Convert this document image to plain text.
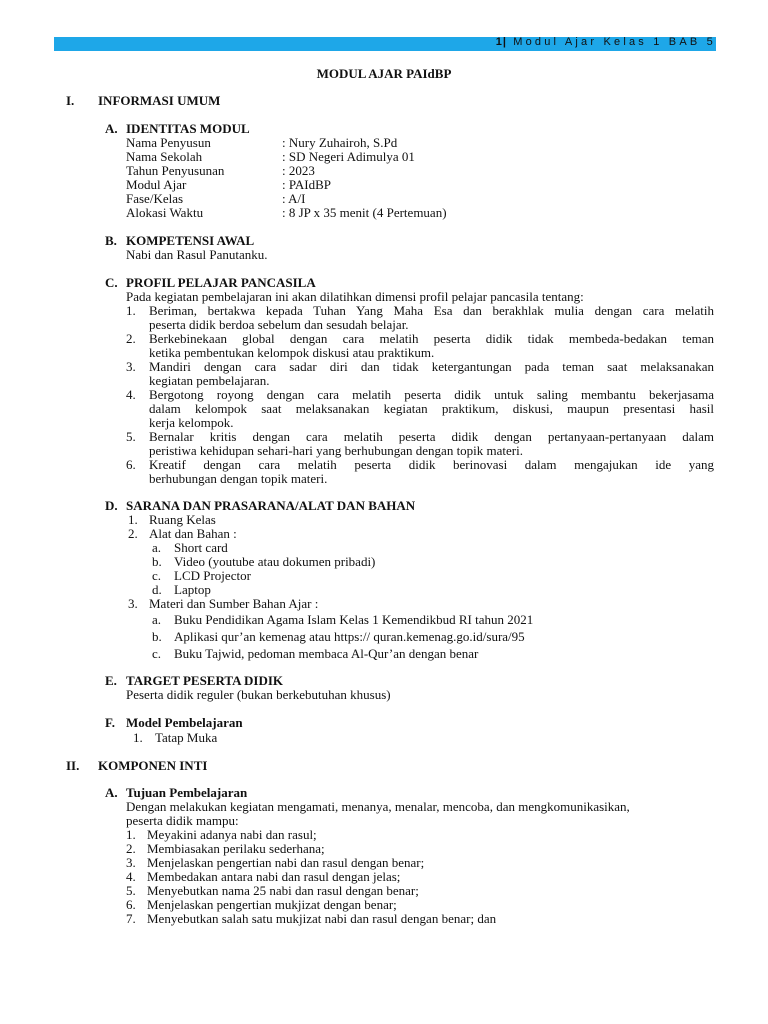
1| Modul Ajar Kelas 1 BAB 5
MODUL AJAR PAIdBP
I. INFORMASI UMUM
A. IDENTITAS MODUL
Nama Penyusun	: Nury Zuhairoh, S.Pd
Nama Sekolah	: SD Negeri Adimulya 01
Tahun Penyusunan	: 2023
Modul Ajar	: PAIdBP
Fase/Kelas	: A/I
Alokasi Waktu	: 8 JP x 35 menit (4 Pertemuan)
B. KOMPETENSI AWAL
Nabi dan Rasul Panutanku.
C. PROFIL PELAJAR PANCASILA
Pada kegiatan pembelajaran ini akan dilatihkan dimensi profil pelajar pancasila tentang:
1. Beriman, bertakwa kepada Tuhan Yang Maha Esa dan berakhlak mulia dengan cara melatih
peserta didik berdoa sebelum dan sesudah belajar.
2. Berkebinekaan global dengan cara melatih peserta didik tidak membeda-bedakan teman
ketika pembentukan kelompok diskusi atau praktikum.
3. Mandiri dengan cara sadar diri dan tidak ketergantungan pada teman saat melaksanakan
kegiatan pembelajaran.
4. Bergotong royong dengan cara melatih peserta didik untuk saling membantu bekerjasama
dalam kelompok saat melaksanakan kegiatan praktikum, diskusi, maupun presentasi hasil
kerja kelompok.
5. Bernalar kritis dengan cara melatih peserta didik dengan pertanyaan-pertanyaan dalam
peristiwa kehidupan sehari-hari yang berhubungan dengan topik materi.
6. Kreatif dengan cara melatih peserta didik berinovasi dalam mengajukan ide yang
berhubungan dengan topik materi.
D. SARANA DAN PRASARANA/ALAT DAN BAHAN
1. Ruang Kelas
2. Alat dan Bahan :
a. Short card
b. Video (youtube atau dokumen pribadi)
c. LCD Projector
d. Laptop
3. Materi dan Sumber Bahan Ajar :
a. Buku Pendidikan Agama Islam Kelas 1 Kemendikbud RI tahun 2021
b. Aplikasi qur’an kemenag atau https:// quran.kemenag.go.id/sura/95
c. Buku Tajwid, pedoman membaca Al-Qur’an dengan benar
E. TARGET PESERTA DIDIK
Peserta didik reguler (bukan berkebutuhan khusus)
F. Model Pembelajaran
1. Tatap Muka
II. KOMPONEN INTI
A. Tujuan Pembelajaran
Dengan melakukan kegiatan mengamati, menanya, menalar, mencoba, dan mengkomunikasikan,
peserta didik mampu:
1. Meyakini adanya nabi dan rasul;
2. Membiasakan perilaku sederhana;
3. Menjelaskan pengertian nabi dan rasul dengan benar;
4. Membedakan antara nabi dan rasul dengan jelas;
5. Menyebutkan nama 25 nabi dan rasul dengan benar;
6. Menjelaskan pengertian mukjizat dengan benar;
7. Menyebutkan salah satu mukjizat nabi dan rasul dengan benar; dan
